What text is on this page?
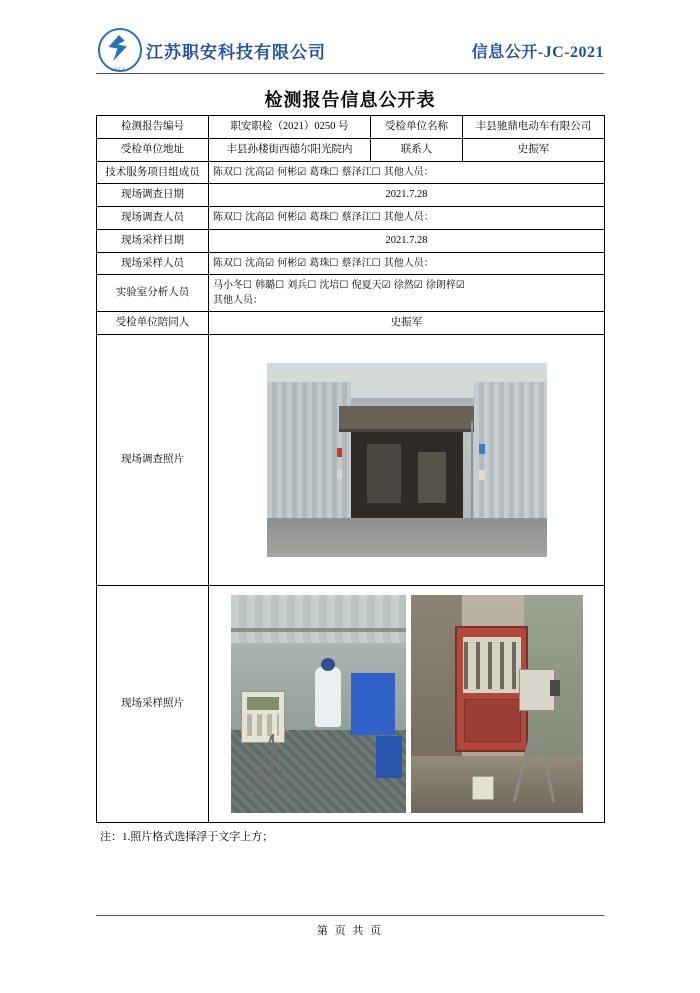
JSZA
江苏职安科技有限公司	信息公开-JC-2021
检测报告信息公开表
检测报告编号	职安职检（2021）0250 号	受检单位名称	丰县驰鼎电动车有限公司
受检单位地址	丰县孙楼街西德尔阳光院内	联系人	史振军
技术服务项目组成员	陈双☐ 沈高☑ 何彬☑ 葛珠☐ 蔡泽江☐ 其他人员：		
现场调查日期	2021.7.28		
现场调查人员	陈双☐ 沈高☑ 何彬☑ 葛珠☐ 蔡泽江☐ 其他人员：		
现场采样日期	2021.7.28		
现场采样人员	陈双☐ 沈高☑ 何彬☑ 葛珠☐ 蔡泽江☐ 其他人员：		
实验室分析人员	马小冬☐ 韩璐☐ 刘兵☐ 沈培☐ 倪夏天☑ 徐然☑ 徐朗梓☑
其他人员：		

受检单位陪同人	史振军		
现场调查照片			

现场采样照片			
注：1.照片格式选择浮于文字上方；
第 页 共 页
